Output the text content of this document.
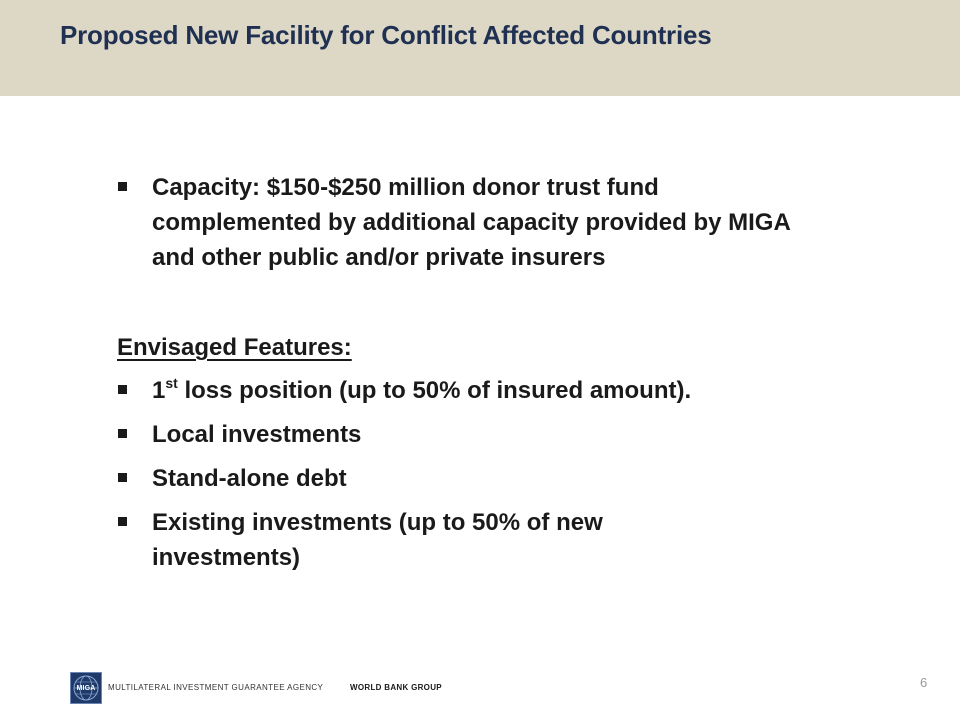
Proposed New Facility for Conflict Affected Countries
Capacity: $150-$250 million donor trust fund complemented by additional capacity provided by MIGA and other public and/or private insurers
Envisaged Features:
1st loss position (up to 50% of insured amount).
Local investments
Stand-alone debt
Existing investments (up to 50% of new investments)
MIGA	MULTILATERAL INVESTMENT GUARANTEE AGENCY	WORLD BANK GROUP	6
